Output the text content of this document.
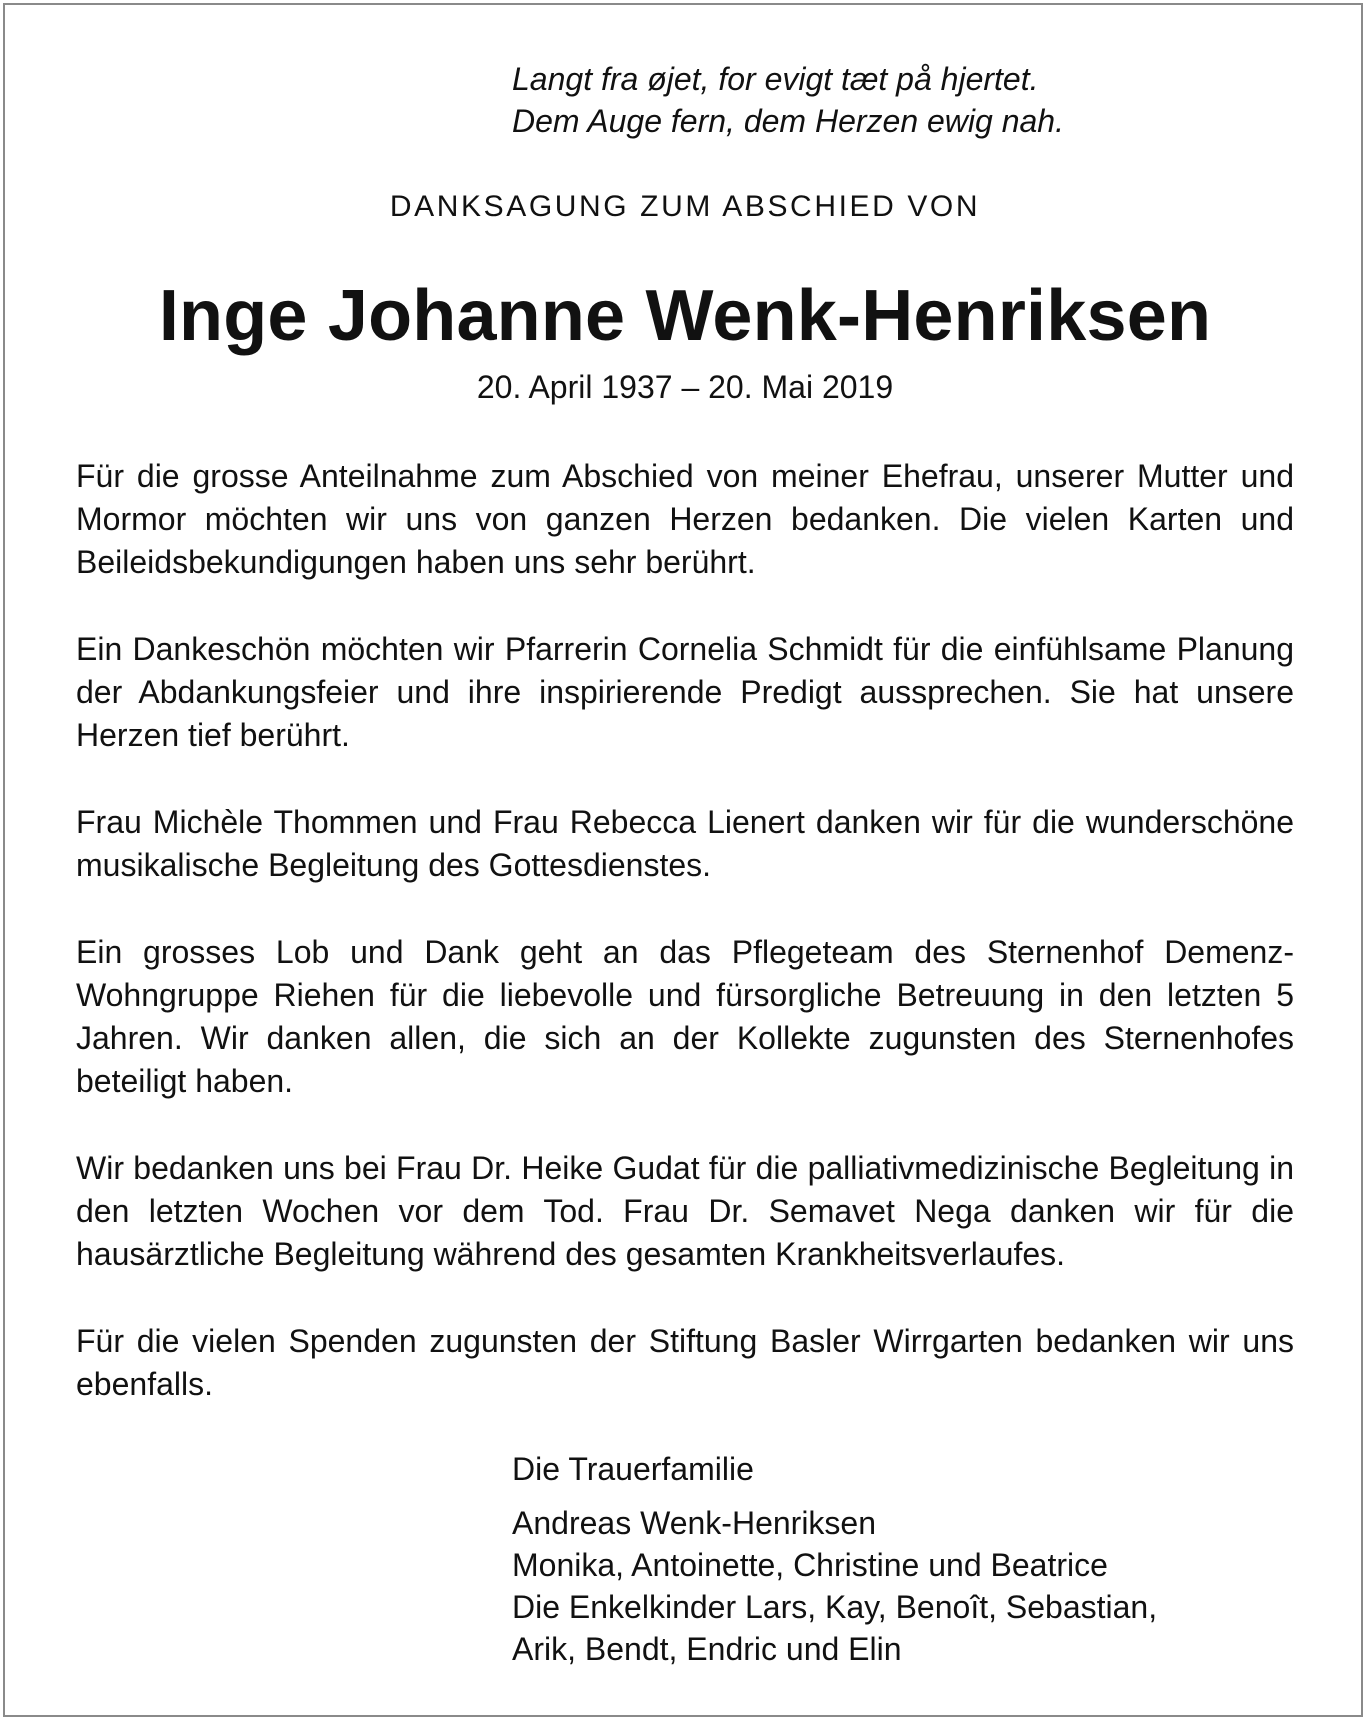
Langt fra øjet, for evigt tæt på hjertet.
Dem Auge fern, dem Herzen ewig nah.
DANKSAGUNG ZUM ABSCHIED VON
Inge Johanne Wenk-Henriksen
20. April 1937 – 20. Mai 2019

Für die grosse Anteilnahme zum Abschied von meiner Ehefrau, unserer Mutter und Mormor möchten wir uns von ganzen Herzen bedanken. Die vielen Karten und Beileidsbekundigungen haben uns sehr berührt.

Ein Dankeschön möchten wir Pfarrerin Cornelia Schmidt für die einfühlsame Planung der Abdankungsfeier und ihre inspirierende Predigt aussprechen. Sie hat unsere Herzen tief berührt.

Frau Michèle Thommen und Frau Rebecca Lienert danken wir für die wunderschöne musikalische Begleitung des Gottesdienstes.

Ein grosses Lob und Dank geht an das Pflegeteam des Sternenhof Demenz-Wohngruppe Riehen für die liebevolle und fürsorgliche Betreuung in den letzten 5 Jahren. Wir danken allen, die sich an der Kollekte zugunsten des Sternenhofes beteiligt haben.

Wir bedanken uns bei Frau Dr. Heike Gudat für die palliativmedizinische Begleitung in den letzten Wochen vor dem Tod. Frau Dr. Semavet Nega danken wir für die hausärztliche Begleitung während des gesamten Krankheitsverlaufes.

Für die vielen Spenden zugunsten der Stiftung Basler Wirrgarten bedanken wir uns ebenfalls.

Die Trauerfamilie
Andreas Wenk-Henriksen
Monika, Antoinette, Christine und Beatrice
Die Enkelkinder Lars, Kay, Benoît, Sebastian,
Arik, Bendt, Endric und Elin
